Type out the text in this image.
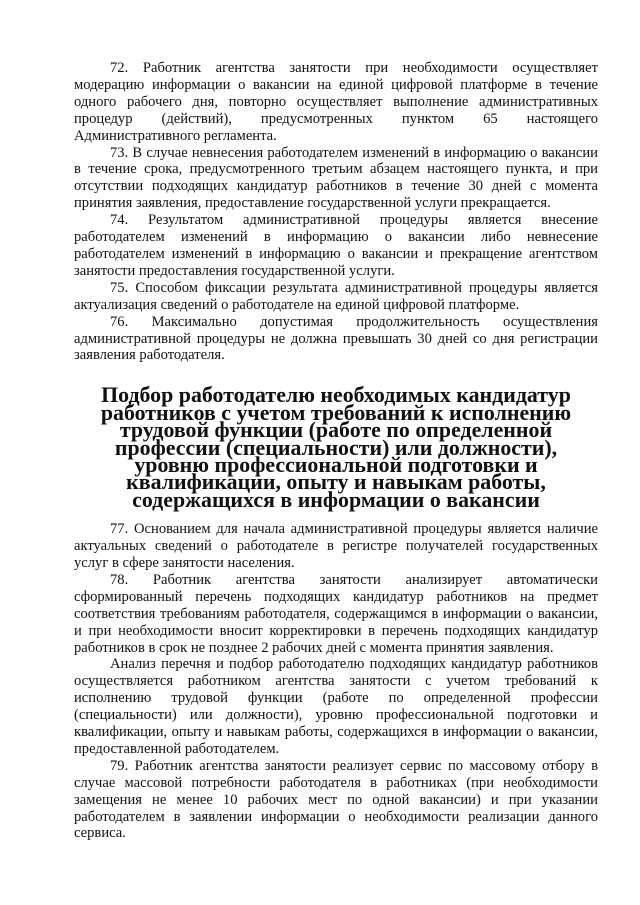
72. Работник агентства занятости при необходимости осуществляет модерацию информации о вакансии на единой цифровой платформе в течение одного рабочего дня, повторно осуществляет выполнение административных процедур (действий), предусмотренных пунктом 65 настоящего Административного регламента.

73. В случае невнесения работодателем изменений в информацию о вакансии в течение срока, предусмотренного третьим абзацем настоящего пункта, и при отсутствии подходящих кандидатур работников в течение 30 дней с момента принятия заявления, предоставление государственной услуги прекращается.

74. Результатом административной процедуры является внесение работодателем изменений в информацию о вакансии либо невнесение работодателем изменений в информацию о вакансии и прекращение агентством занятости предоставления государственной услуги.

75. Способом фиксации результата административной процедуры является актуализация сведений о работодателе на единой цифровой платформе.

76. Максимально допустимая продолжительность осуществления административной процедуры не должна превышать 30 дней со дня регистрации заявления работодателя.

Подбор работодателю необходимых кандидатур работников с учетом требований к исполнению трудовой функции (работе по определенной профессии (специальности) или должности), уровню профессиональной подготовки и квалификации, опыту и навыкам работы, содержащихся в информации о вакансии

77. Основанием для начала административной процедуры является наличие актуальных сведений о работодателе в регистре получателей государственных услуг в сфере занятости населения.

78. Работник агентства занятости анализирует автоматически сформированный перечень подходящих кандидатур работников на предмет соответствия требованиям работодателя, содержащимся в информации о вакансии, и при необходимости вносит корректировки в перечень подходящих кандидатур работников в срок не позднее 2 рабочих дней с момента принятия заявления.

Анализ перечня и подбор работодателю подходящих кандидатур работников осуществляется работником агентства занятости с учетом требований к исполнению трудовой функции (работе по определенной профессии (специальности) или должности), уровню профессиональной подготовки и квалификации, опыту и навыкам работы, содержащихся в информации о вакансии, предоставленной работодателем.

79. Работник агентства занятости реализует сервис по массовому отбору в случае массовой потребности работодателя в работниках (при необходимости замещения не менее 10 рабочих мест по одной вакансии) и при указании работодателем в заявлении информации о необходимости реализации данного сервиса.
